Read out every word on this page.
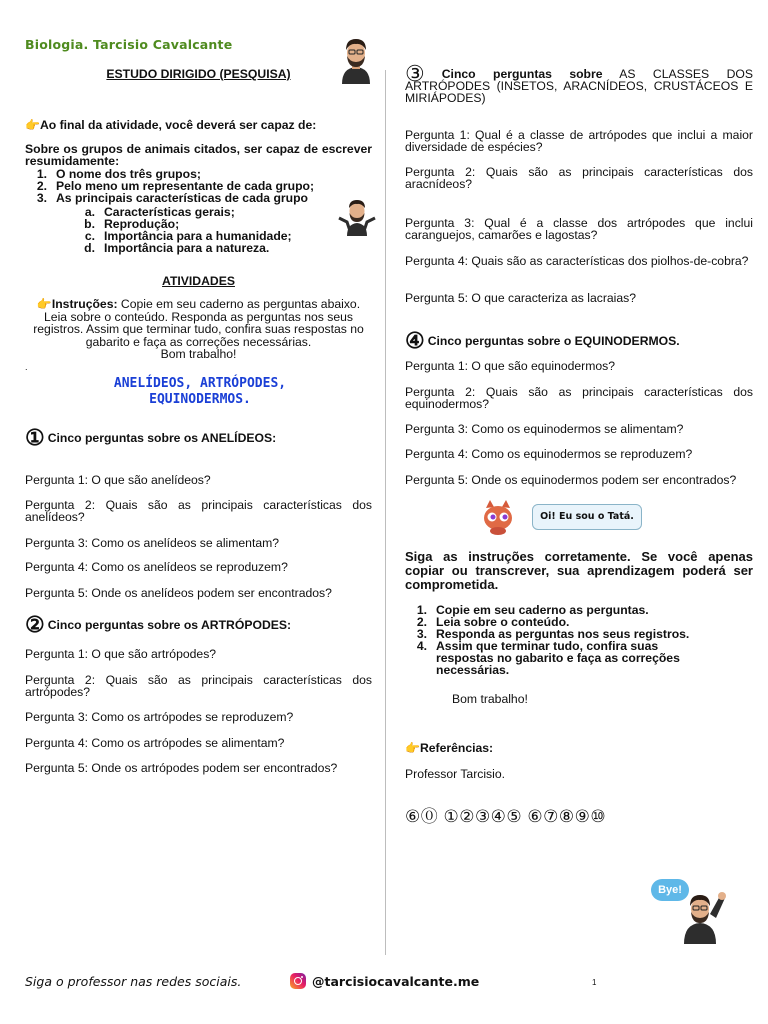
Biologia. Tarcisio Cavalcante
ESTUDO DIRIGIDO (PESQUISA)
👉Ao final da atividade, você deverá ser capaz de:
Sobre os grupos de animais citados, ser capaz de escrever resumidamente:
1. O nome dos três grupos;
2. Pelo meno um representante de cada grupo;
3. As principais características de cada grupo
a. Características gerais;
b. Reprodução;
c. Importância para a humanidade;
d. Importância para a natureza.
ATIVIDADES
👉Instruções: Copie em seu caderno as perguntas abaixo. Leia sobre o conteúdo. Responda as perguntas nos seus registros. Assim que terminar tudo, confira suas respostas no gabarito e faça as correções necessárias.
Bom trabalho!
.
ANELÍDEOS, ARTRÓPODES, EQUINODERMOS.
① Cinco perguntas sobre os ANELÍDEOS:
Pergunta 1: O que são anelídeos?
Pergunta 2: Quais são as principais características dos anelídeos?
Pergunta 3: Como os anelídeos se alimentam?
Pergunta 4: Como os anelídeos se reproduzem?
Pergunta 5: Onde os anelídeos podem ser encontrados?
② Cinco perguntas sobre os ARTRÓPODES:
Pergunta 1: O que são artrópodes?
Pergunta 2: Quais são as principais características dos artrópodes?
Pergunta 3: Como os artrópodes se reproduzem?
Pergunta 4: Como os artrópodes se alimentam?
Pergunta 5: Onde os artrópodes podem ser encontrados?
③ Cinco perguntas sobre AS CLASSES DOS ARTRÓPODES (INSETOS, ARACNÍDEOS, CRUSTÁCEOS E MIRIÁPODES)
Pergunta 1: Qual é a classe de artrópodes que inclui a maior diversidade de espécies?
Pergunta 2: Quais são as principais características dos aracnídeos?
Pergunta 3: Qual é a classe dos artrópodes que inclui caranguejos, camarões e lagostas?
Pergunta 4: Quais são as características dos piolhos-de-cobra?
Pergunta 5: O que caracteriza as lacraias?
④ Cinco perguntas sobre o EQUINODERMOS.
Pergunta 1: O que são equinodermos?
Pergunta 2: Quais são as principais características dos equinodermos?
Pergunta 3: Como os equinodermos se alimentam?
Pergunta 4: Como os equinodermos se reproduzem?
Pergunta 5: Onde os equinodermos podem ser encontrados?
Siga as instruções corretamente. Se você apenas copiar ou transcrever, sua aprendizagem poderá ser comprometida.
1. Copie em seu caderno as perguntas.
2. Leia sobre o conteúdo.
3. Responda as perguntas nos seus registros.
4. Assim que terminar tudo, confira suas respostas no gabarito e faça as correções necessárias.
Bom trabalho!
👉Referências:
Professor Tarcisio.
⑥⓪ ①②③④⑤ ⑥⑦⑧⑨⑩
Oi! Eu sou o Tatá.
Bye!
Siga o professor nas redes sociais.	@tarcisiocavalcante.me	1
